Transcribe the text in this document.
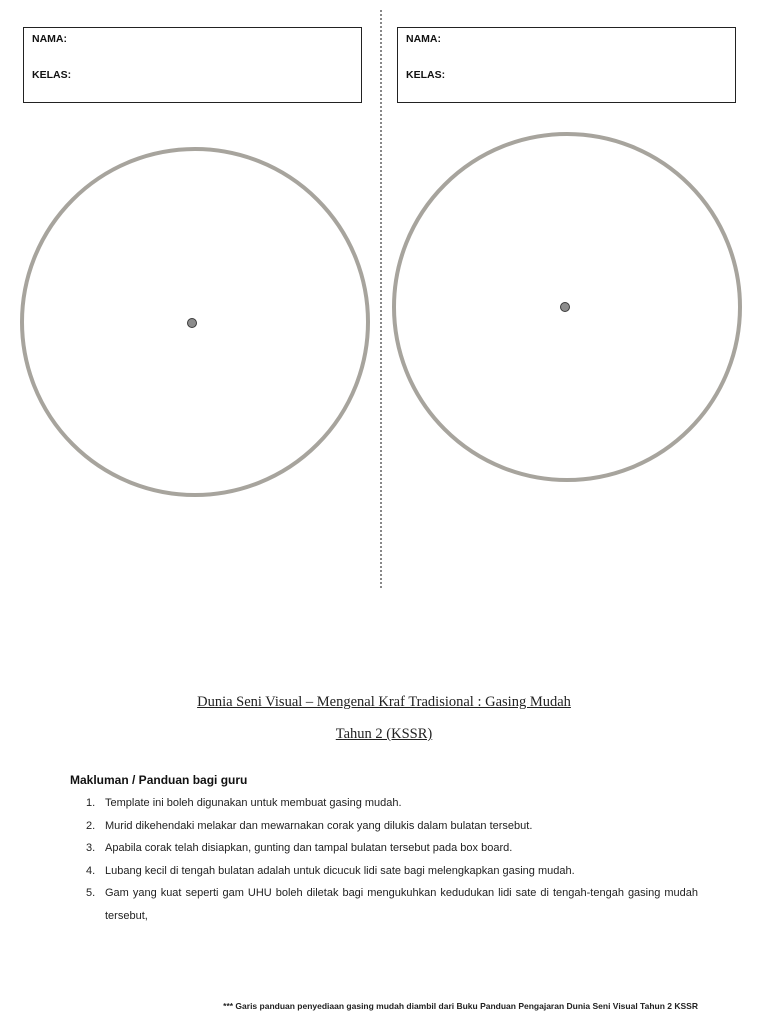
NAMA:
KELAS:
NAMA:
KELAS:
Dunia Seni Visual – Mengenal Kraf Tradisional : Gasing Mudah
Tahun 2 (KSSR)
Makluman / Panduan bagi guru
1. Template ini boleh digunakan untuk membuat gasing mudah.
2. Murid dikehendaki melakar dan mewarnakan corak yang dilukis dalam bulatan tersebut.
3. Apabila corak telah disiapkan, gunting dan tampal bulatan tersebut pada box board.
4. Lubang kecil di tengah bulatan adalah untuk dicucuk lidi sate bagi melengkapkan gasing mudah.
5. Gam yang kuat seperti gam UHU boleh diletak bagi mengukuhkan kedudukan lidi sate di tengah-tengah gasing mudah tersebut,
*** Garis panduan penyediaan gasing mudah diambil dari Buku Panduan Pengajaran Dunia Seni Visual Tahun 2 KSSR
